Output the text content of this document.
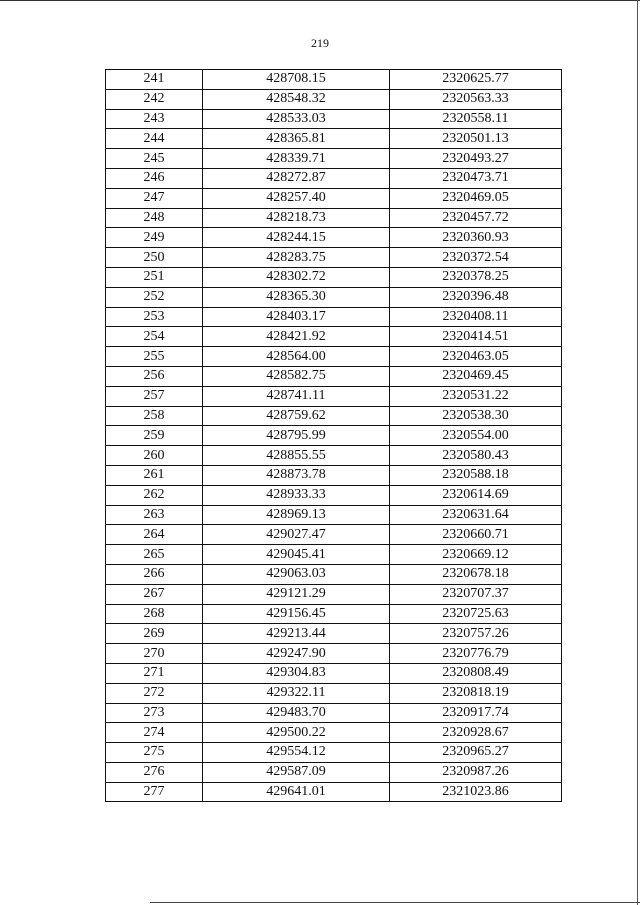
219
241	428708.15	2320625.77
242	428548.32	2320563.33
243	428533.03	2320558.11
244	428365.81	2320501.13
245	428339.71	2320493.27
246	428272.87	2320473.71
247	428257.40	2320469.05
248	428218.73	2320457.72
249	428244.15	2320360.93
250	428283.75	2320372.54
251	428302.72	2320378.25
252	428365.30	2320396.48
253	428403.17	2320408.11
254	428421.92	2320414.51
255	428564.00	2320463.05
256	428582.75	2320469.45
257	428741.11	2320531.22
258	428759.62	2320538.30
259	428795.99	2320554.00
260	428855.55	2320580.43
261	428873.78	2320588.18
262	428933.33	2320614.69
263	428969.13	2320631.64
264	429027.47	2320660.71
265	429045.41	2320669.12
266	429063.03	2320678.18
267	429121.29	2320707.37
268	429156.45	2320725.63
269	429213.44	2320757.26
270	429247.90	2320776.79
271	429304.83	2320808.49
272	429322.11	2320818.19
273	429483.70	2320917.74
274	429500.22	2320928.67
275	429554.12	2320965.27
276	429587.09	2320987.26
277	429641.01	2321023.86
